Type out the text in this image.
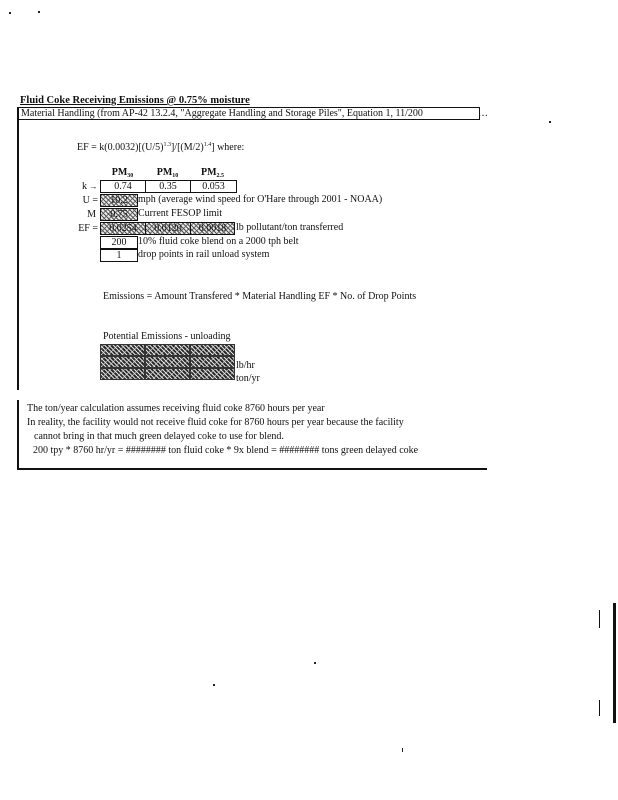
Fluid Coke Receiving Emissions @ 0.75% moisture
Material Handling (from AP-42 13.2.4, "Aggregate Handling and Storage Piles", Equation 1, 11/200	…
EF = $k(0.0032)[(U/5)^{1.3}]/[(M/2)^{1.4}]$ where:
$PM_{30}$	$PM_{10}$	$PM_{2.5}$
k →	0.74	0.35	0.053
U =	10.2	mph (average wind speed for O'Hare through 2001 - NOAA)
M	0.75	Current FESOP limit
EF =	0.0254	0.0120	0.0018 lb pollutant/ton transferred
200	10% fluid coke blend on a 2000 tph belt
1	drop points in rail unload system
Emissions = Amount Transfered * Material Handling EF * No. of Drop Points
Potential Emissions - unloading
lb/hr
ton/yr
The ton/year calculation assumes receiving fluid coke 8760 hours per year
In reality, the facility would not receive fluid coke for 8760 hours per year because the facility
cannot bring in that much green delayed coke to use for blend.
200 tpy * 8760 hr/yr = ######## ton fluid coke * 9x blend = ######## tons green delayed coke
